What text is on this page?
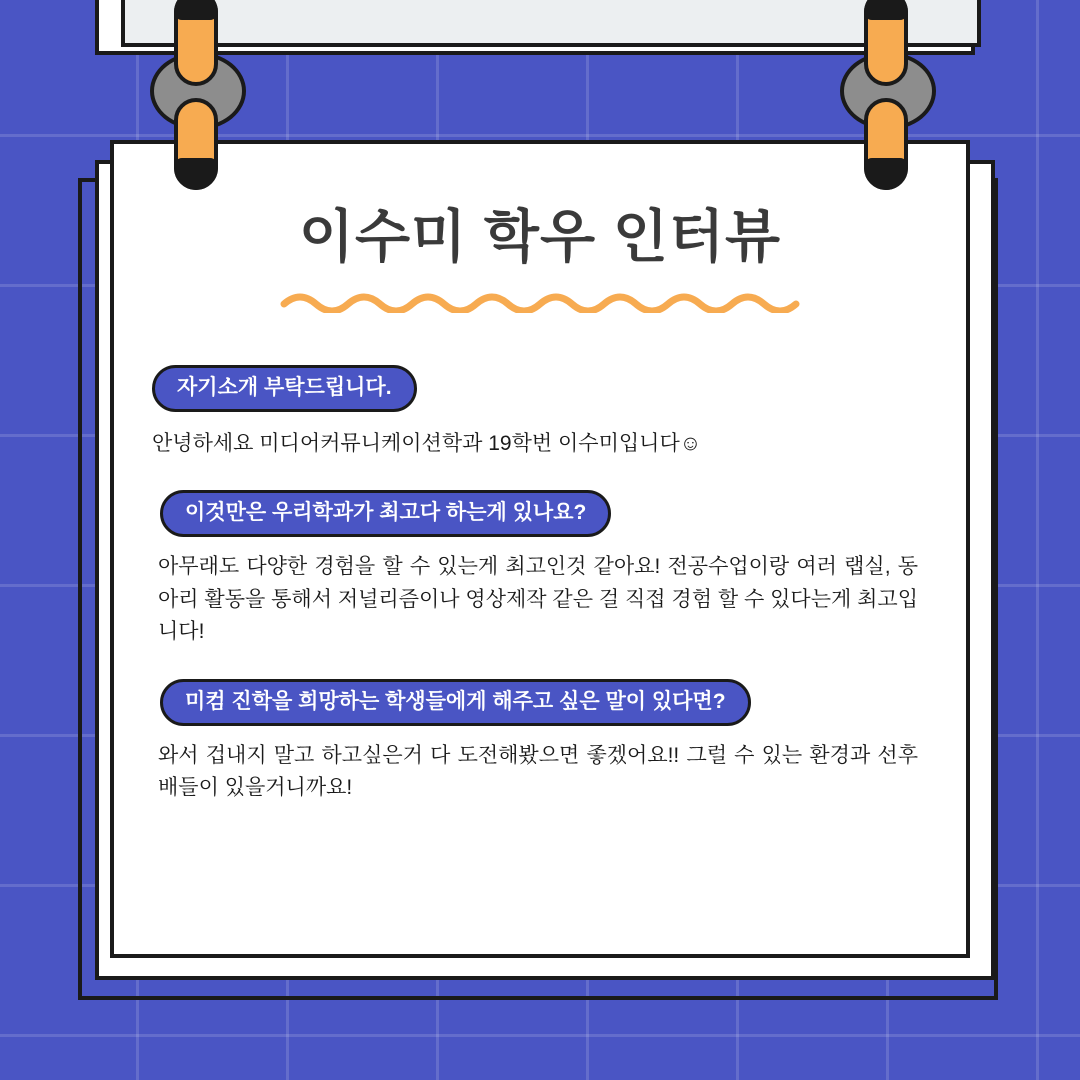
이수미 학우 인터뷰
자기소개 부탁드립니다.

안녕하세요 미디어커뮤니케이션학과 19학번 이수미입니다☺

이것만은 우리학과가 최고다 하는게 있나요?

아무래도 다양한 경험을 할 수 있는게 최고인것 같아요! 전공수업이랑 여러 랩실, 동아리 활동을 통해서 저널리즘이나 영상제작 같은 걸 직접 경험 할 수 있다는게 최고입니다!

미컴 진학을 희망하는 학생들에게 해주고 싶은 말이 있다면?

와서 겁내지 말고 하고싶은거 다 도전해봤으면 좋겠어요!! 그럴 수 있는 환경과 선후배들이 있을거니까요!
